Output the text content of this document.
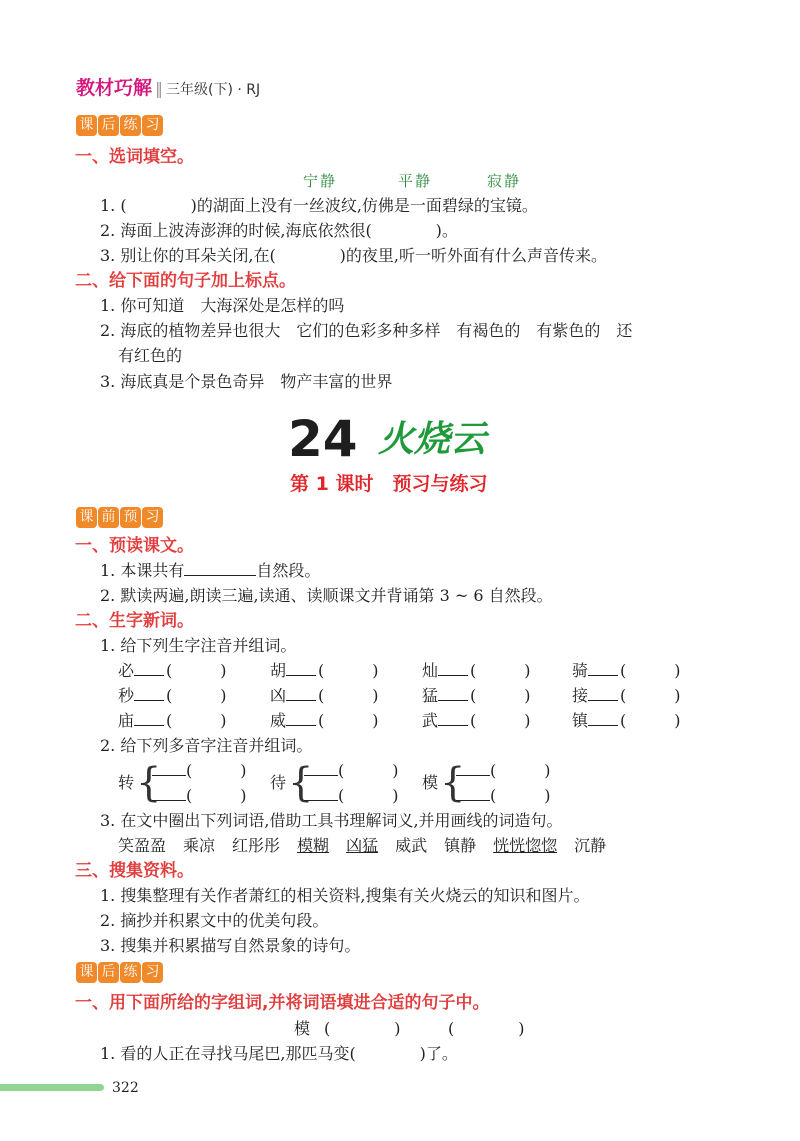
教材巧解 ‖ 三年级(下) · RJ
课 后 练 习
一、选词填空。
宁静	平静	寂静
1. (　　　　)的湖面上没有一丝波纹,仿佛是一面碧绿的宝镜。
2. 海面上波涛澎湃的时候,海底依然很(　　　　)。
3. 别让你的耳朵关闭,在(　　　　)的夜里,听一听外面有什么声音传来。
二、给下面的句子加上标点。
1. 你可知道　大海深处是怎样的吗
2. 海底的植物差异也很大　它们的色彩多种多样　有褐色的　有紫色的　还
有红色的
3. 海底真是个景色奇异　物产丰富的世界
24 火烧云
第 1 课时　预习与练习
课 前 预 习
一、预读课文。
1. 本课共有	自然段。
2. 默读两遍,朗读三遍,读通、读顺课文并背诵第 3 ~ 6 自然段。
二、生字新词。
1. 给下列生字注音并组词。
必 (　　　)	胡 (　　　)	灿 (　　　)	骑 (　　　)
秒 (　　　)	凶 (　　　)	猛 (　　　)	接 (　　　)
庙 (　　　)	威 (　　　)	武 (　　　)	镇 (　　　)
2. 给下列多音字注音并组词。
转 {	(　　　)
(　　　)
待 {	(　　　)
(　　　)
模 {	(　　　)
(　　　)
3. 在文中圈出下列词语,借助工具书理解词义,并用画线的词造句。
笑盈盈 乘凉 红彤彤 模糊 凶猛 威武 镇静 恍恍惚惚 沉静
三、搜集资料。
1. 搜集整理有关作者萧红的相关资料,搜集有关火烧云的知识和图片。
2. 摘抄并积累文中的优美句段。
3. 搜集并积累描写自然景象的诗句。
课 后 练 习
一、用下面所给的字组词,并将词语填进合适的句子中。
模 (　　　　)	(　　　　)
1. 看的人正在寻找马尾巴,那匹马变(　　　　)了。
322
